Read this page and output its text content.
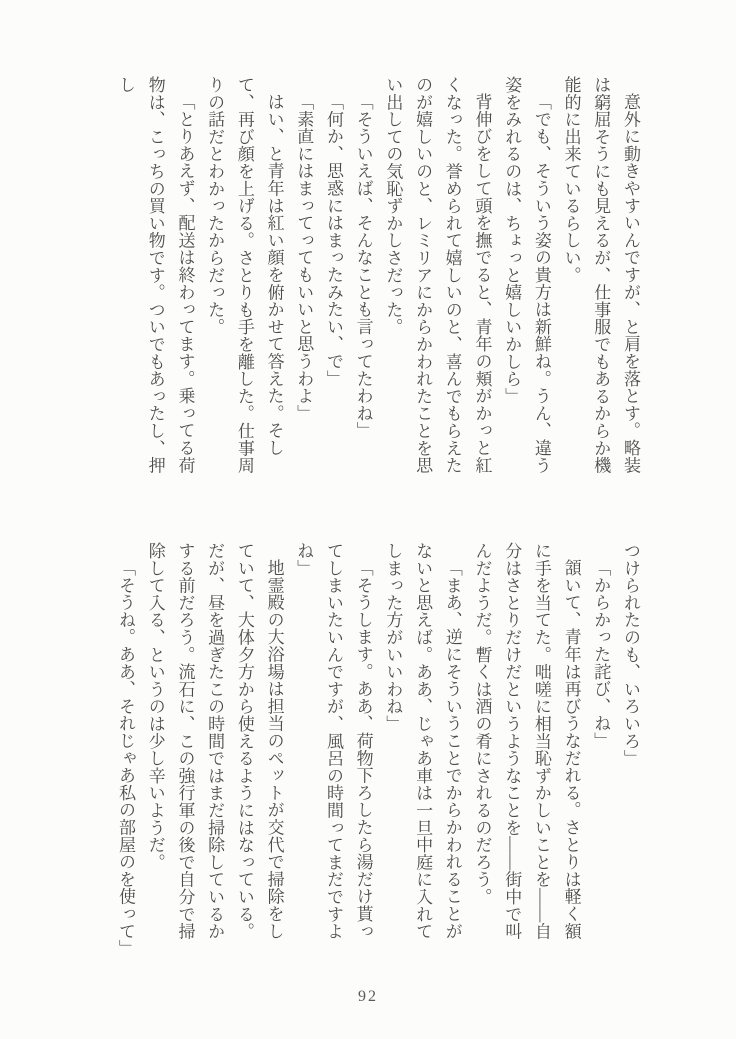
意外に動きやすいんですが、と肩を落とす。略装は窮屈そうにも見えるが、仕事服でもあるからか機能的に出来ているらしい。

「でも、そういう姿の貴方は新鮮ね。うん、違う姿をみれるのは、ちょっと嬉しいかしら」

背伸びをして頭を撫でると、青年の頬がかっと紅くなった。誉められて嬉しいのと、喜んでもらえたのが嬉しいのと、レミリアにからかわれたことを思い出しての気恥ずかしさだった。

「そういえば、そんなことも言ってたわね」

「何か、思惑にはまったみたい、で」

「素直にはまってってもいいと思うわよ」

はい、と青年は紅い顔を俯かせて答えた。そして、再び顔を上げる。さとりも手を離した。仕事周りの話だとわかったからだった。

「とりあえず、配送は終わってます。乗ってる荷物は、こっちの買い物です。ついでもあったし、押し

つけられたのも、いろいろ」

「からかった詫び、ね」

頷いて、青年は再びうなだれる。さとりは軽く額に手を当てた。咄嗟に相当恥ずかしいことを――自分はさとりだけだというようなことを――街中で叫んだようだ。暫くは酒の肴にされるのだろう。

「まあ、逆にそういうことでからかわれることがないと思えば。ああ、じゃあ車は一旦中庭に入れてしまった方がいいわね」

「そうします。ああ、荷物下ろしたら湯だけ貰ってしまいたいんですが、風呂の時間ってまだですよね」

地霊殿の大浴場は担当のペットが交代で掃除をしていて、大体夕方から使えるようにはなっている。だが、昼を過ぎたこの時間ではまだ掃除しているかする前だろう。流石に、この強行軍の後で自分で掃除して入る、というのは少し辛いようだ。

「そうね。ああ、それじゃあ私の部屋のを使って」

92
